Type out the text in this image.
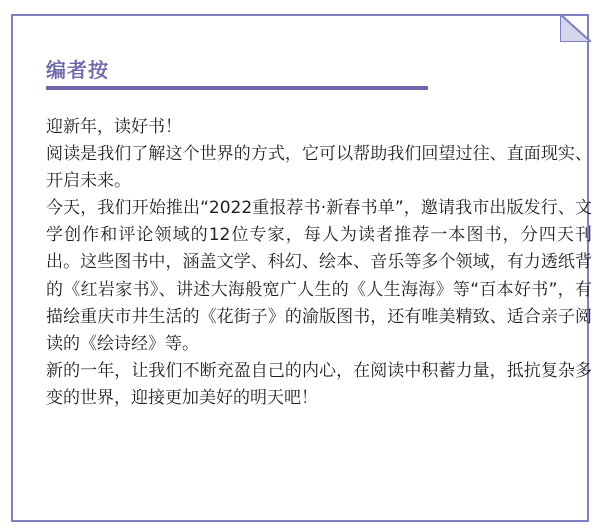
编者按

迎新年，读好书！

阅读是我们了解这个世界的方式，它可以帮助我们回望过往、直面现实、开启未来。

今天，我们开始推出“2022重报荐书·新春书单”，邀请我市出版发行、文学创作和评论领域的12位专家，每人为读者推荐一本图书，分四天刊出。这些图书中，涵盖文学、科幻、绘本、音乐等多个领域，有力透纸背的《红岩家书》、讲述大海般宽广人生的《人生海海》等“百本好书”，有描绘重庆市井生活的《花街子》的渝版图书，还有唯美精致、适合亲子阅读的《绘诗经》等。

新的一年，让我们不断充盈自己的内心，在阅读中积蓄力量，抵抗复杂多变的世界，迎接更加美好的明天吧！
